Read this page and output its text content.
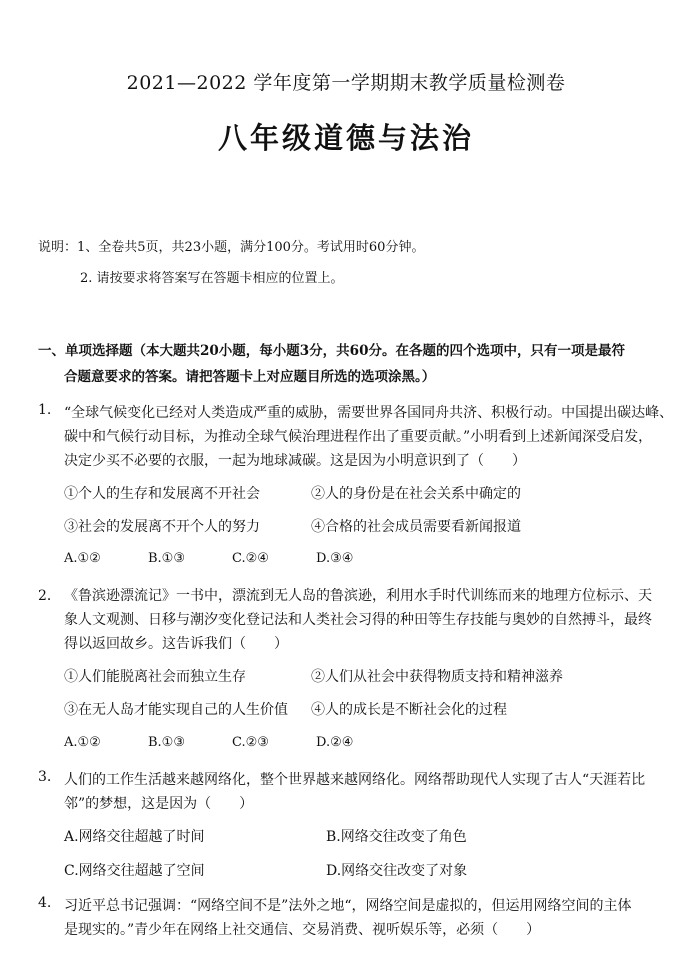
2021—2022 学年度第一学期期末教学质量检测卷
八年级道德与法治
说明：1、全卷共5页，共23小题，满分100分。考试用时60分钟。
2. 请按要求将答案写在答题卡相应的位置上。
一、单项选择题（本大题共20小题，每小题3分，共60分。在各题的四个选项中，只有一项是最符
合题意要求的答案。请把答题卡上对应题目所选的选项涂黑。）
1. “全球气候变化已经对人类造成严重的威胁，需要世界各国同舟共济、积极行动。中国提出碳达峰、
碳中和气候行动目标，为推动全球气候治理进程作出了重要贡献。”小明看到上述新闻深受启发，
决定少买不必要的衣服，一起为地球减碳。这是因为小明意识到了（　　）
①个人的生存和发展离不开社会	②人的身份是在社会关系中确定的
③社会的发展离不开个人的努力	④合格的社会成员需要看新闻报道
A.①②	B.①③	C.②④	D.③④
2． 《鲁滨逊漂流记》一书中，漂流到无人岛的鲁滨逊，利用水手时代训练而来的地理方位标示、天
象人文观测、日移与潮汐变化登记法和人类社会习得的种田等生存技能与奥妙的自然搏斗，最终
得以返回故乡。这告诉我们（　　）
①人们能脱离社会而独立生存	②人们从社会中获得物质支持和精神滋养
③在无人岛才能实现自己的人生价值 ④人的成长是不断社会化的过程
A.①②	B.①③	C.②③	D.②④
3. 人们的工作生活越来越网络化，整个世界越来越网络化。网络帮助现代人实现了古人“天涯若比
邻”的梦想，这是因为（　　）
A.网络交往超越了时间	B.网络交往改变了角色
C.网络交往超越了空间	D.网络交往改变了对象
4. 习近平总书记强调：“网络空间不是”法外之地“，网络空间是虚拟的，但运用网络空间的主体
是现实的。”青少年在网络上社交通信、交易消费、视听娱乐等，必须（　　）
